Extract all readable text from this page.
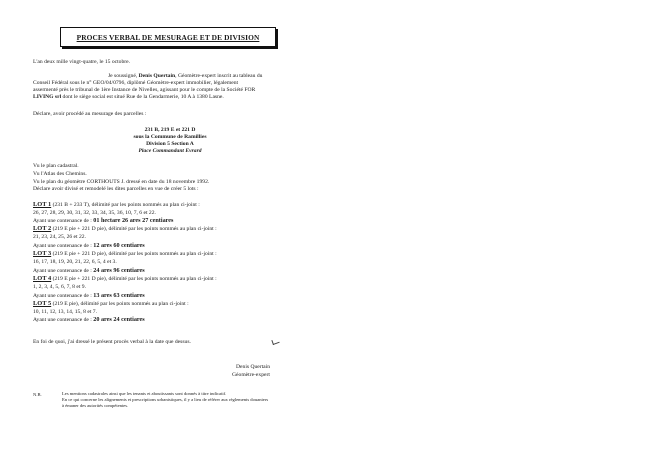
PROCES VERBAL DE MESURAGE ET DE DIVISION
L'an deux mille vingt-quatre, le 15 octobre.
Je soussigné, Denis Quertain, Géomètre-expert inscrit au tableau du
Conseil Fédéral sous le n° GEO/04/0796, diplômé Géomètre-expert immobilier, légalement
assermenté près le tribunal de 1ère Instance de Nivelles, agissant pour le compte de la Société FOR
LIVING srl dont le siège social est situé Rue de la Gendarmerie, 10 A à 1380 Lasne.
Déclare, avoir procédé au mesurage des parcelles :
231 B, 219 E et 221 D
sous la Commune de Ramillies
Division 5 Section A
Place Commandant Evrard
Vu le plan cadastral.
Vu l'Atlas des Chemins.
Vu le plan du géomètre CORTHOUTS J. dressé en date du 18 novembre 1992.
Déclare avoir divisé et remodelé les dites parcelles en vue de créer 5 lots :
LOT 1 (231 B + 233 T), délimité par les points nommés au plan ci-joint :
26, 27, 28, 29, 30, 31, 32, 33, 34, 35, 36, 10, 7, 6 et 22.
Ayant une contenance de : 01 hectare 26 ares 27 centiares
LOT 2 (219 E pie + 221 D pie), délimité par les points nommés au plan ci-joint :
21, 23, 24, 25, 26 et 22.
Ayant une contenance de : 12 ares 60 centiares
LOT 3 (219 E pie + 221 D pie), délimité par les points nommés au plan ci-joint :
16, 17, 18, 19, 20, 21, 22, 6, 5, 4 et 3.
Ayant une contenance de : 24 ares 96 centiares
LOT 4 (219 E pie + 221 D pie), délimité par les points nommés au plan ci-joint :
1, 2, 3, 4, 5, 6, 7, 8 et 9.
Ayant une contenance de : 13 ares 63 centiares
LOT 5 (219 E pie), délimité par les points nommés au plan ci-joint :
10, 11, 12, 13, 14, 15, 8 et 7.
Ayant une contenance de : 20 ares 24 centiares
En foi de quoi, j'ai dressé le présent procès verbal à la date que dessus.
Denis Quertain
Géomètre-expert
N.B.	Les mentions cadastrales ainsi que les tenants et aboutissants sont donnés à titre indicatif.
En ce qui concerne les alignements et prescriptions urbanistiques, il y a lieu de référer aux règlements douaniers
à émaner des autorités compétentes.
